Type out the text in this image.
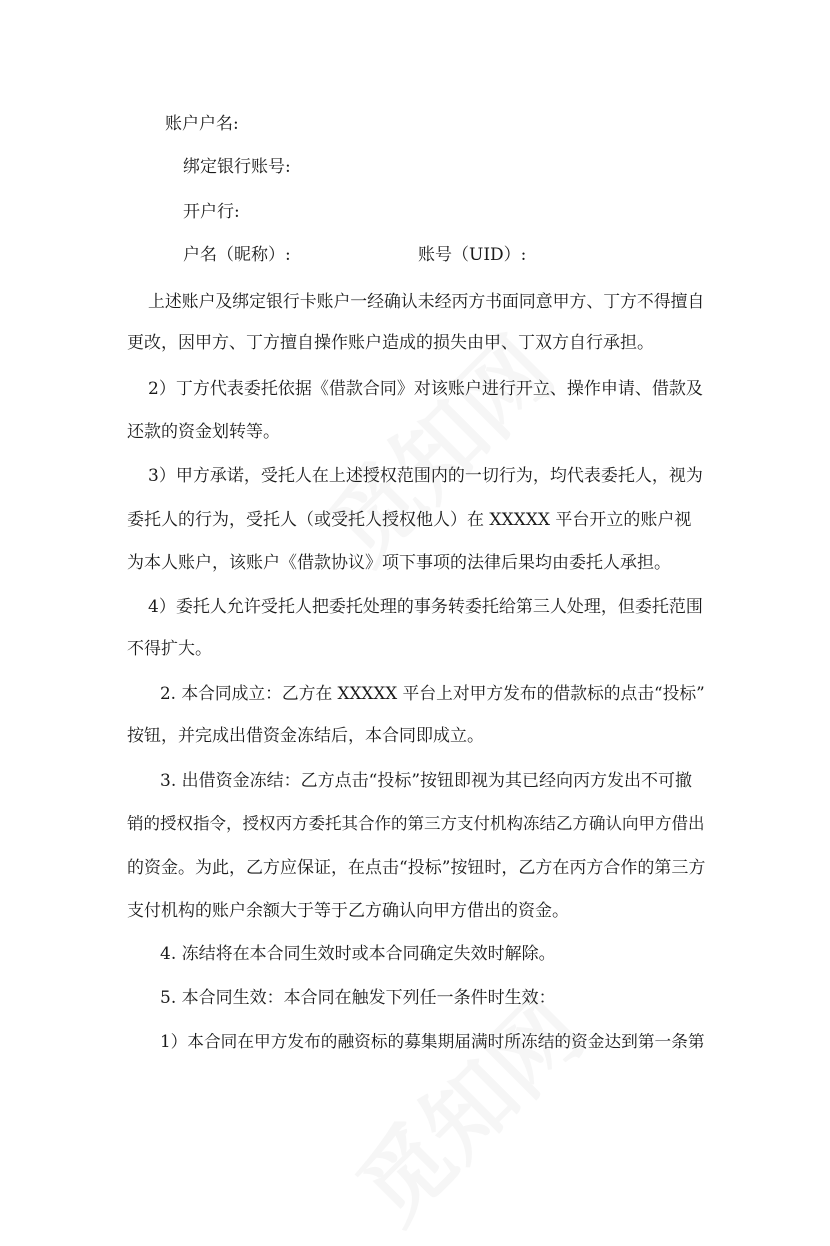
账户户名:
绑定银行账号:
开户行:
户名（昵称）:	账号（UID）:
上述账户及绑定银行卡账户一经确认未经丙方书面同意甲方、丁方不得擅自
更改，因甲方、丁方擅自操作账户造成的损失由甲、丁双方自行承担。
2）丁方代表委托依据《借款合同》对该账户进行开立、操作申请、借款及
还款的资金划转等。
3）甲方承诺，受托人在上述授权范围内的一切行为，均代表委托人，视为
委托人的行为，受托人（或受托人授权他人）在 XXXXX 平台开立的账户视
为本人账户，该账户《借款协议》项下事项的法律后果均由委托人承担。
4）委托人允许受托人把委托处理的事务转委托给第三人处理，但委托范围
不得扩大。
2. 本合同成立：乙方在 XXXXX 平台上对甲方发布的借款标的点击“投标”
按钮，并完成出借资金冻结后，本合同即成立。
3. 出借资金冻结：乙方点击“投标”按钮即视为其已经向丙方发出不可撤
销的授权指令，授权丙方委托其合作的第三方支付机构冻结乙方确认向甲方借出
的资金。为此，乙方应保证，在点击“投标”按钮时，乙方在丙方合作的第三方
支付机构的账户余额大于等于乙方确认向甲方借出的资金。
4. 冻结将在本合同生效时或本合同确定失效时解除。
5. 本合同生效：本合同在触发下列任一条件时生效：
1）本合同在甲方发布的融资标的募集期届满时所冻结的资金达到第一条第
